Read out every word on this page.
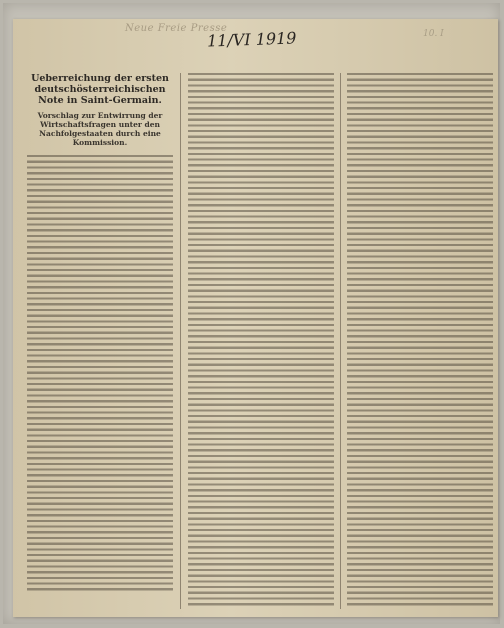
Neue Freie Presse

11/VI 1919	10. I

Ueberreichung der ersten deutschösterreichischen Note in Saint-Germain.
Vorschlag zur Entwirrung der Wirtschaftsfragen unter den Nachfolgestaaten durch eine Kommission.
